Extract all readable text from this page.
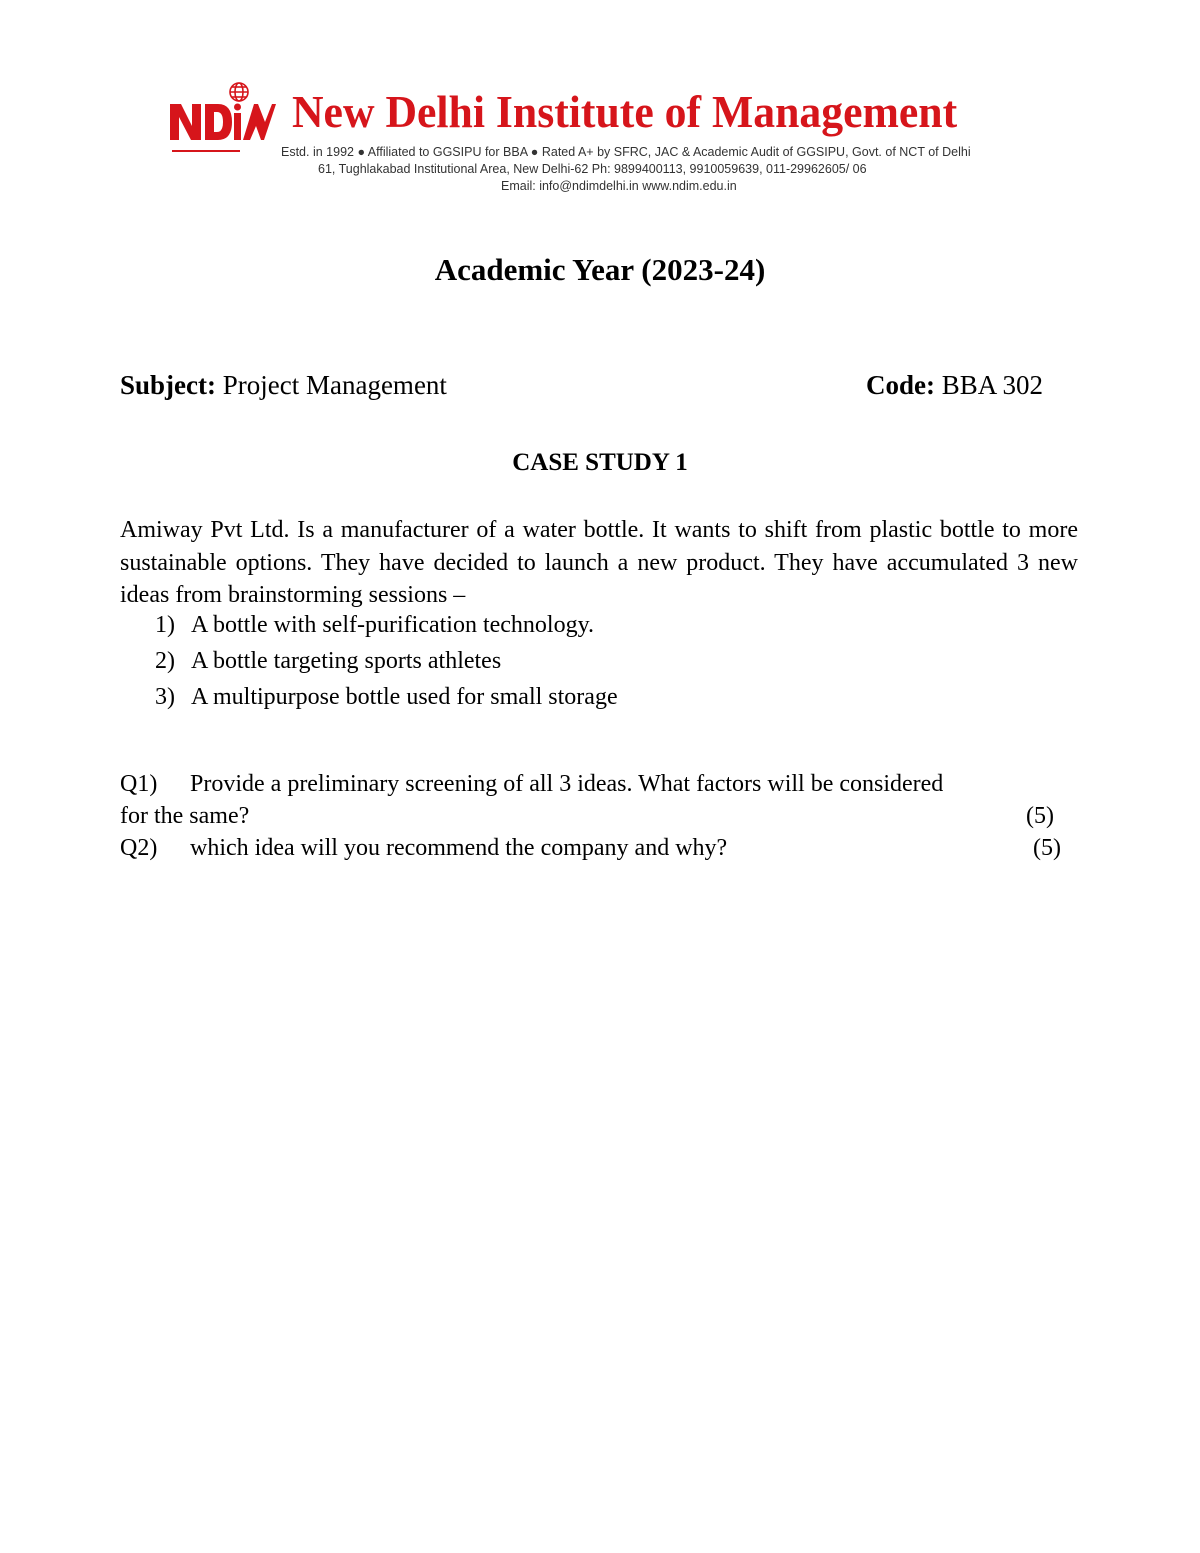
New Delhi Institute of Management
Estd. in 1992 ● Affiliated to GGSIPU for BBA ● Rated A+ by SFRC, JAC & Academic Audit of GGSIPU, Govt. of NCT of Delhi
61, Tughlakabad Institutional Area, New Delhi-62 Ph: 9899400113, 9910059639, 011-29962605/ 06
Email: info@ndimdelhi.in www.ndim.edu.in
Academic Year (2023-24)
Subject: Project Management	Code: BBA 302
CASE STUDY 1
Amiway Pvt Ltd. Is a manufacturer of a water bottle. It wants to shift from plastic bottle to more sustainable options. They have decided to launch a new product. They have accumulated 3 new ideas from brainstorming sessions –
1) A bottle with self-purification technology.
2) A bottle targeting sports athletes
3) A multipurpose bottle used for small storage
Q1) Provide a preliminary screening of all 3 ideas. What factors will be considered
for the same?	(5)
Q2) which idea will you recommend the company and why?	(5)
